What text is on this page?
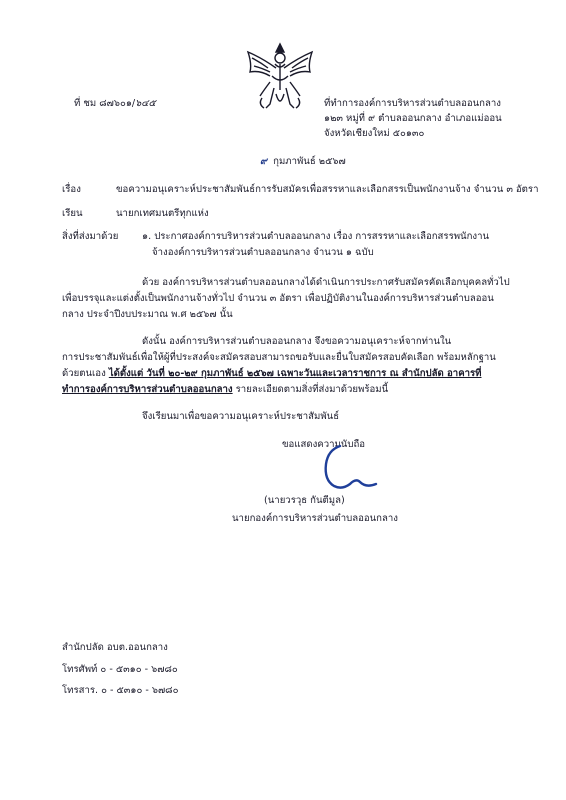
ที่ ชม ๘๗๖๐๑/๖๔๕	ที่ทำการองค์การบริหารส่วนตำบลออนกลาง
๑๒๓ หมู่ที่ ๙ ตำบลออนกลาง อำเภอแม่ออน
จังหวัดเชียงใหม่ ๕๐๑๓๐
๙ กุมภาพันธ์ ๒๕๖๗
เรื่อง	ขอความอนุเคราะห์ประชาสัมพันธ์การรับสมัครเพื่อสรรหาและเลือกสรรเป็นพนักงานจ้าง จำนวน ๓ อัตรา
เรียน	นายกเทศมนตรีทุกแห่ง
สิ่งที่ส่งมาด้วย ๑. ประกาศองค์การบริหารส่วนตำบลออนกลาง เรื่อง การสรรหาและเลือกสรรพนักงาน
จ้างองค์การบริหารส่วนตำบลออนกลาง จำนวน ๑ ฉบับ
ด้วย องค์การบริหารส่วนตำบลออนกลางได้ดำเนินการประกาศรับสมัครคัดเลือกบุคคลทั่วไป
เพื่อบรรจุและแต่งตั้งเป็นพนักงานจ้างทั่วไป จำนวน ๓ อัตรา เพื่อปฏิบัติงานในองค์การบริหารส่วนตำบลออน
กลาง ประจำปีงบประมาณ พ.ศ ๒๕๖๗ นั้น
ดังนั้น องค์การบริหารส่วนตำบลออนกลาง จึงขอความอนุเคราะห์จากท่านใน
การประชาสัมพันธ์เพื่อให้ผู้ที่ประสงค์จะสมัครสอบสามารถขอรับและยื่นใบสมัครสอบคัดเลือก พร้อมหลักฐาน
ด้วยตนเอง ได้ตั้งแต่ วันที่ ๒๐-๒๙ กุมภาพันธ์ ๒๕๖๗ เฉพาะวันและเวลาราชการ ณ สำนักปลัด อาคารที่
ทำการองค์การบริหารส่วนตำบลออนกลาง รายละเอียดตามสิ่งที่ส่งมาด้วยพร้อมนี้
จึงเรียนมาเพื่อขอความอนุเคราะห์ประชาสัมพันธ์
ขอแสดงความนับถือ
(นายวรวุธ กันตีมูล)
นายกองค์การบริหารส่วนตำบลออนกลาง
สำนักปลัด อบต.ออนกลาง
โทรศัพท์ ๐ - ๕๓๑๐ - ๖๗๘๐
โทรสาร. ๐ - ๕๓๑๐ - ๖๗๘๐
